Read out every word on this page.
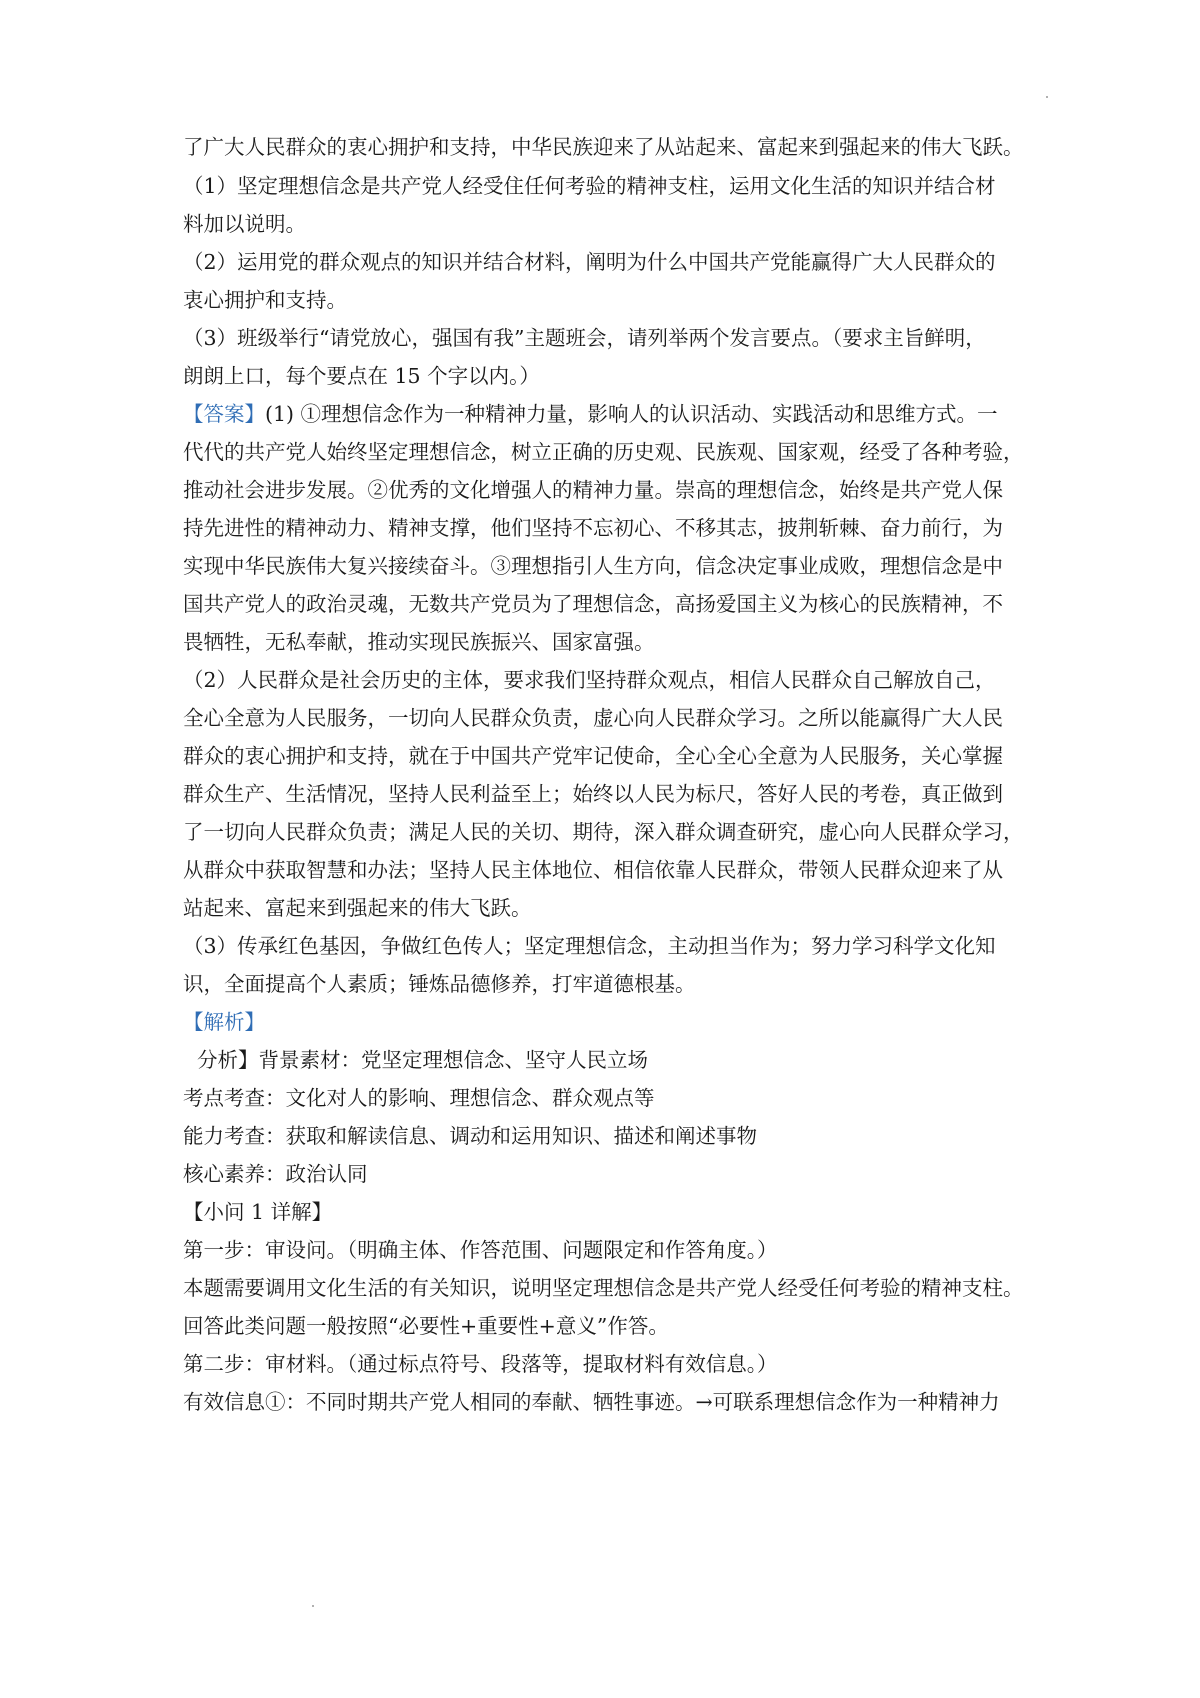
了广大人民群众的衷心拥护和支持，中华民族迎来了从站起来、富起来到强起来的伟大飞跃。
（1）坚定理想信念是共产党人经受住任何考验的精神支柱，运用文化生活的知识并结合材
料加以说明。
（2）运用党的群众观点的知识并结合材料，阐明为什么中国共产党能赢得广大人民群众的
衷心拥护和支持。
（3）班级举行“请党放心，强国有我”主题班会，请列举两个发言要点。（要求主旨鲜明，
朗朗上口，每个要点在 15 个字以内。）
【答案】(1) ①理想信念作为一种精神力量，影响人的认识活动、实践活动和思维方式。一
代代的共产党人始终坚定理想信念，树立正确的历史观、民族观、国家观，经受了各种考验，
推动社会进步发展。②优秀的文化增强人的精神力量。崇高的理想信念，始终是共产党人保
持先进性的精神动力、精神支撑，他们坚持不忘初心、不移其志，披荆斩棘、奋力前行，为
实现中华民族伟大复兴接续奋斗。③理想指引人生方向，信念决定事业成败，理想信念是中
国共产党人的政治灵魂，无数共产党员为了理想信念，高扬爱国主义为核心的民族精神，不
畏牺牲，无私奉献，推动实现民族振兴、国家富强。
（2）人民群众是社会历史的主体，要求我们坚持群众观点，相信人民群众自己解放自己，
全心全意为人民服务，一切向人民群众负责，虚心向人民群众学习。之所以能赢得广大人民
群众的衷心拥护和支持，就在于中国共产党牢记使命，全心全心全意为人民服务，关心掌握
群众生产、生活情况，坚持人民利益至上；始终以人民为标尺，答好人民的考卷，真正做到
了一切向人民群众负责；满足人民的关切、期待，深入群众调查研究，虚心向人民群众学习，
从群众中获取智慧和办法；坚持人民主体地位、相信依靠人民群众，带领人民群众迎来了从
站起来、富起来到强起来的伟大飞跃。
（3）传承红色基因，争做红色传人；坚定理想信念，主动担当作为；努力学习科学文化知
识，全面提高个人素质；锤炼品德修养，打牢道德根基。
【解析】
分析】背景素材：党坚定理想信念、坚守人民立场
考点考查：文化对人的影响、理想信念、群众观点等
能力考查：获取和解读信息、调动和运用知识、描述和阐述事物
核心素养：政治认同
【小问 1 详解】
第一步：审设问。（明确主体、作答范围、问题限定和作答角度。）
本题需要调用文化生活的有关知识，说明坚定理想信念是共产党人经受任何考验的精神支柱。
回答此类问题一般按照“必要性+重要性+意义”作答。
第二步：审材料。（通过标点符号、段落等，提取材料有效信息。）
有效信息①：不同时期共产党人相同的奉献、牺牲事迹。→可联系理想信念作为一种精神力
